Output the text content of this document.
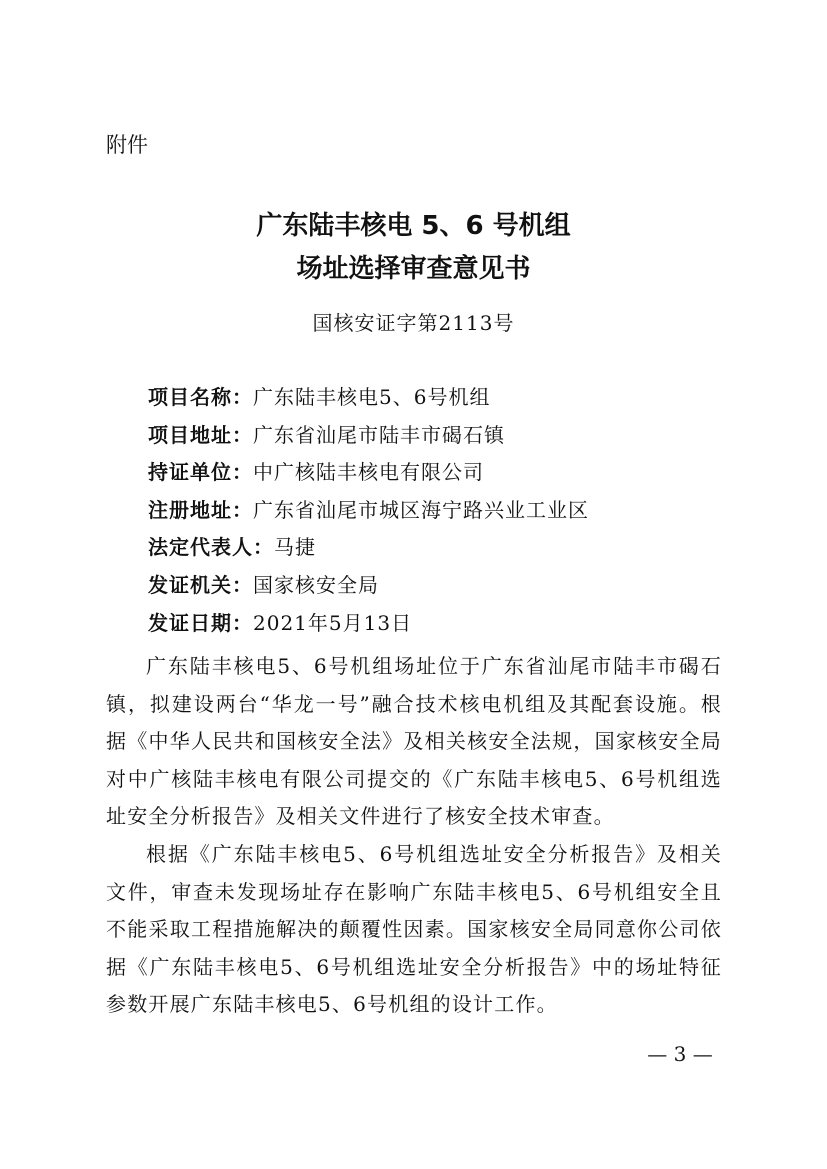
附件
广东陆丰核电 5、6 号机组
场址选择审查意见书
国核安证字第2113号
项目名称：广东陆丰核电5、6号机组
项目地址：广东省汕尾市陆丰市碣石镇
持证单位：中广核陆丰核电有限公司
注册地址：广东省汕尾市城区海宁路兴业工业区
法定代表人：马捷
发证机关：国家核安全局
发证日期：2021年5月13日

广东陆丰核电5、6号机组场址位于广东省汕尾市陆丰市碣石镇，拟建设两台“华龙一号”融合技术核电机组及其配套设施。根据《中华人民共和国核安全法》及相关核安全法规，国家核安全局对中广核陆丰核电有限公司提交的《广东陆丰核电5、6号机组选址安全分析报告》及相关文件进行了核安全技术审查。

根据《广东陆丰核电5、6号机组选址安全分析报告》及相关文件，审查未发现场址存在影响广东陆丰核电5、6号机组安全且不能采取工程措施解决的颠覆性因素。国家核安全局同意你公司依据《广东陆丰核电5、6号机组选址安全分析报告》中的场址特征参数开展广东陆丰核电5、6号机组的设计工作。

— 3 —
